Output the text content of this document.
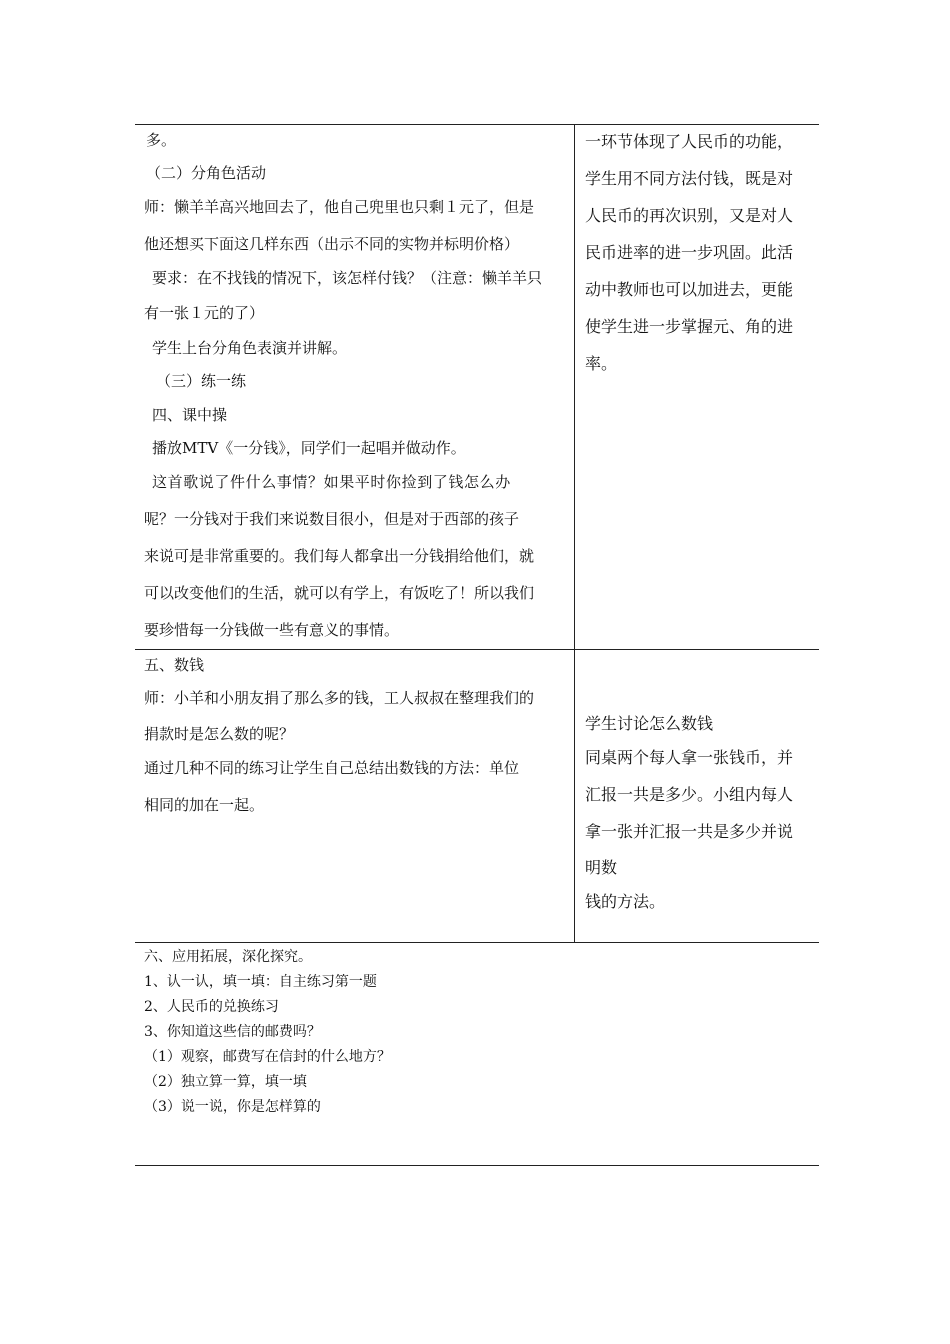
多。
（二）分角色活动
师：懒羊羊高兴地回去了，他自己兜里也只剩１元了，但是
他还想买下面这几样东西（出示不同的实物并标明价格）
要求：在不找钱的情况下，该怎样付钱？（注意：懒羊羊只
有一张１元的了）
学生上台分角色表演并讲解。
（三）练一练
四、课中操
播放MTV《一分钱》，同学们一起唱并做动作。
这首歌说了件什么事情？如果平时你捡到了钱怎么办
呢？一分钱对于我们来说数目很小，但是对于西部的孩子
来说可是非常重要的。我们每人都拿出一分钱捐给他们，就
可以改变他们的生活，就可以有学上，有饭吃了！所以我们
要珍惜每一分钱做一些有意义的事情。
一环节体现了人民币的功能，
学生用不同方法付钱，既是对
人民币的再次识别，又是对人
民币进率的进一步巩固。此活
动中教师也可以加进去，更能
使学生进一步掌握元、角的进
率。
五、数钱
师：小羊和小朋友捐了那么多的钱，工人叔叔在整理我们的
捐款时是怎么数的呢？
通过几种不同的练习让学生自己总结出数钱的方法：单位
相同的加在一起。
学生讨论怎么数钱
同桌两个每人拿一张钱币，并
汇报一共是多少。小组内每人
拿一张并汇报一共是多少并说
明数
钱的方法。
六、应用拓展，深化探究。
1、认一认，填一填：自主练习第一题
2、人民币的兑换练习
3、你知道这些信的邮费吗？
（1）观察，邮费写在信封的什么地方？
（2）独立算一算，填一填
（3）说一说，你是怎样算的
